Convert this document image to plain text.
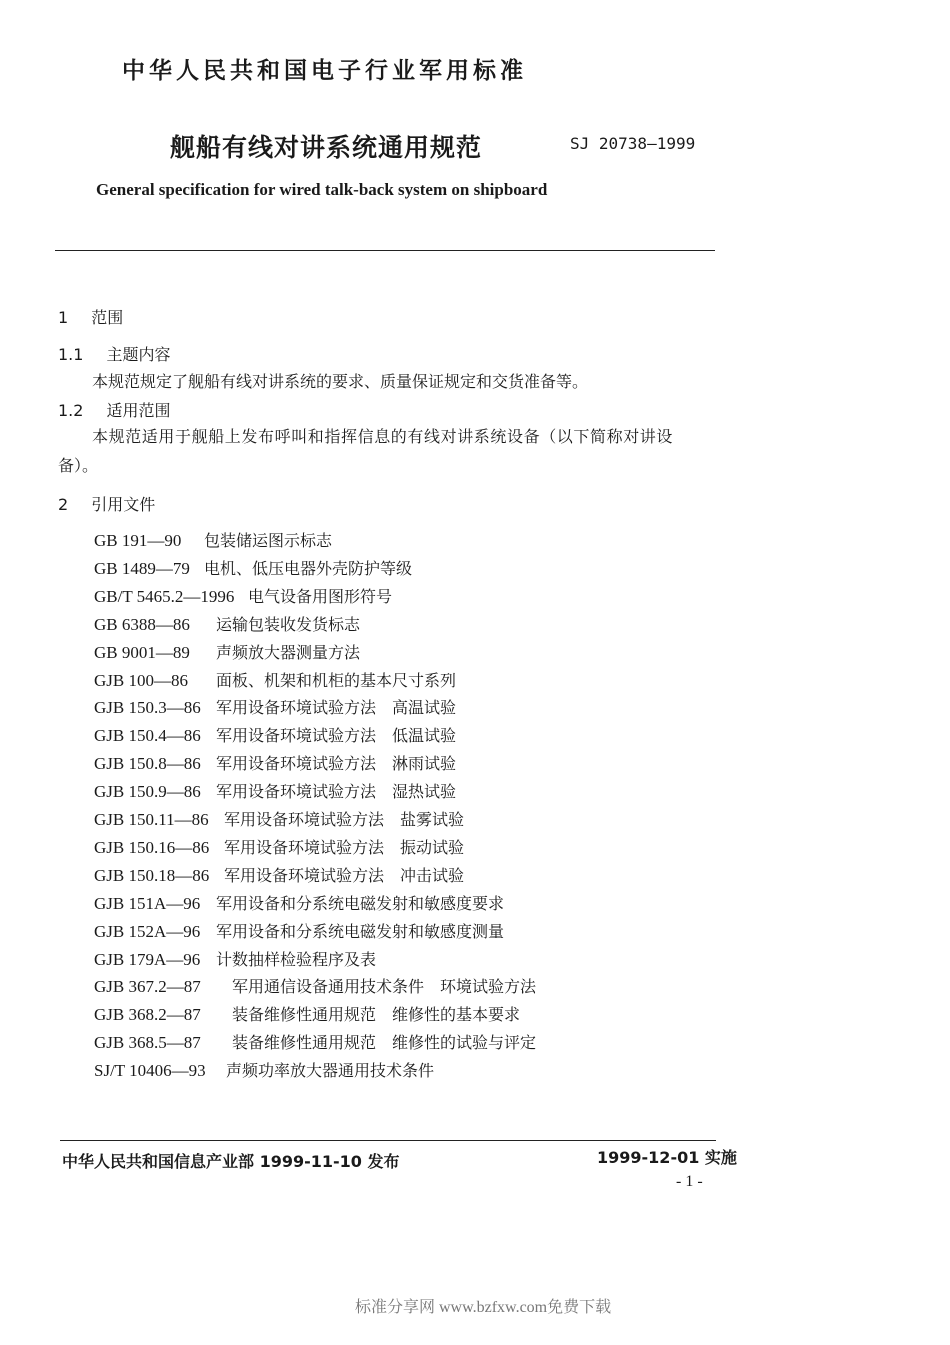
中华人民共和国电子行业军用标准
舰船有线对讲系统通用规范	SJ 20738—1999
General specification for wired talk-back system on shipboard
1 范围
1.1 主题内容
本规范规定了舰船有线对讲系统的要求、质量保证规定和交货准备等。
1.2 适用范围
本规范适用于舰船上发布呼叫和指挥信息的有线对讲系统设备（以下简称对讲设
备）。
2 引用文件
GB 191—90 包装储运图示标志
GB 1489—79 电机、低压电器外壳防护等级
GB/T 5465.2—1996 电气设备用图形符号
GB 6388—86 运输包装收发货标志
GB 9001—89 声频放大器测量方法
GJB 100—86 面板、机架和机柜的基本尺寸系列
GJB 150.3—86 军用设备环境试验方法　高温试验
GJB 150.4—86 军用设备环境试验方法　低温试验
GJB 150.8—86 军用设备环境试验方法　淋雨试验
GJB 150.9—86 军用设备环境试验方法　湿热试验
GJB 150.11—86 军用设备环境试验方法　盐雾试验
GJB 150.16—86 军用设备环境试验方法　振动试验
GJB 150.18—86 军用设备环境试验方法　冲击试验
GJB 151A—96 军用设备和分系统电磁发射和敏感度要求
GJB 152A—96 军用设备和分系统电磁发射和敏感度测量
GJB 179A—96 计数抽样检验程序及表
GJB 367.2—87 军用通信设备通用技术条件　环境试验方法
GJB 368.2—87 装备维修性通用规范　维修性的基本要求
GJB 368.5—87 装备维修性通用规范　维修性的试验与评定
SJ/T 10406—93 声频功率放大器通用技术条件
中华人民共和国信息产业部 1999-11-10 发布	1999-12-01 实施
- 1 -
标准分享网 www.bzfxw.com免费下载
